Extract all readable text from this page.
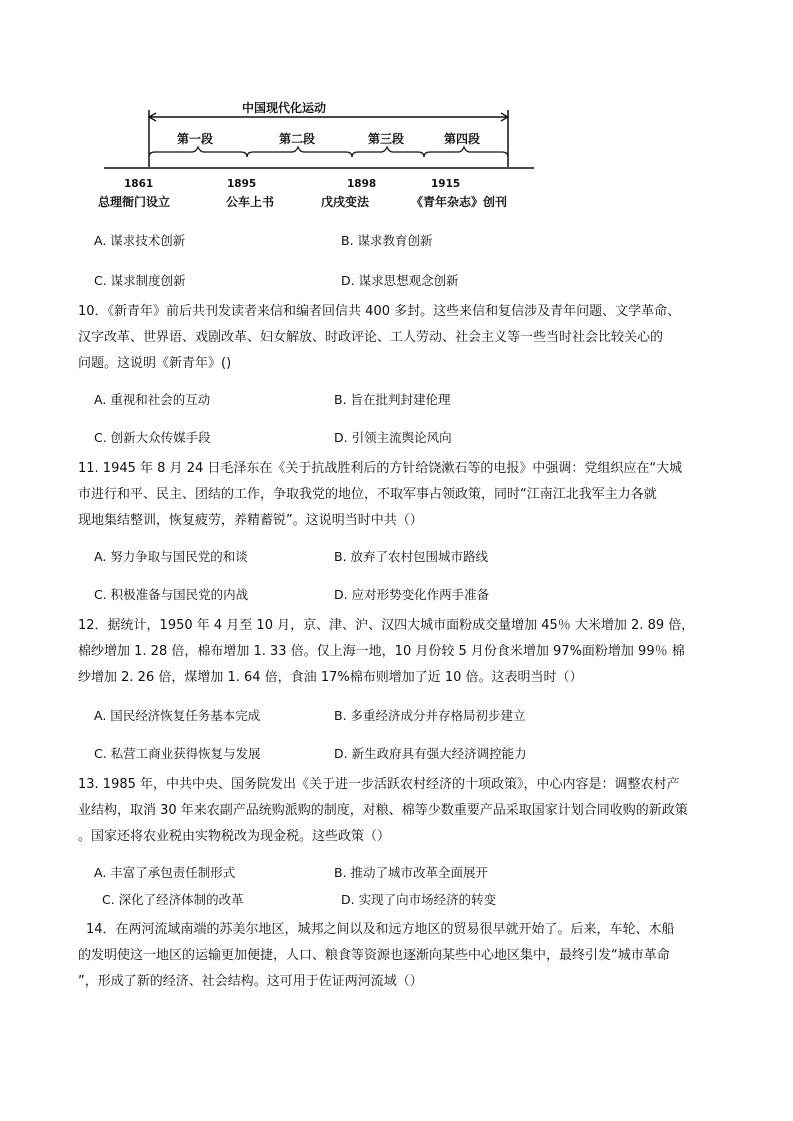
中国现代化运动
第一段	第二段	第三段	第四段
1861	1895	1898	1915
总理衙门设立	公车上书	戊戌变法	《青年杂志》创刊
A. 谋求技术创新	B. 谋求教育创新
C. 谋求制度创新	D. 谋求思想观念创新
10．《新青年》前后共刊发读者来信和编者回信共 400 多封。这些来信和复信涉及青年问题、文学革命、
汉字改革、世界语、戏剧改革、妇女解放、时政评论、工人劳动、社会主义等一些当时社会比较关心的
问题。这说明《新青年》()
A. 重视和社会的互动	B. 旨在批判封建伦理
C. 创新大众传媒手段	D. 引领主流舆论风向
11. 1945 年 8 月 24 日毛泽东在《关于抗战胜利后的方针给饶漱石等的电报》中强调：党组织应在“大城
市进行和平、民主、团结的工作，争取我党的地位，不取军事占领政策，同时“江南江北我军主力各就
现地集结整训，恢复疲劳，养精蓄锐”。这说明当时中共（）
A. 努力争取与国民党的和谈	B. 放弃了农村包围城市路线
C. 积极准备与国民党的内战	D. 应对形势变化作两手准备
12．据统计，1950 年 4 月至 10 月，京、津、沪、汉四大城市面粉成交量增加 45％ 大米增加 2. 89 倍，
棉纱增加 1. 28 倍，棉布增加 1. 33 倍。仅上海一地，10 月份较 5 月份食米增加 97%面粉增加 99％ 棉
纱增加 2. 26 倍，煤增加 1. 64 倍，食油 17%棉布则增加了近 10 倍。这表明当时（）
A. 国民经济恢复任务基本完成	B. 多重经济成分并存格局初步建立
C. 私营工商业获得恢复与发展	D. 新生政府具有强大经济调控能力
13. 1985 年，中共中央、国务院发出《关于进一步活跃农村经济的十项政策》，中心内容是：调整农村产
业结构，取消 30 年来农副产品统购派购的制度，对粮、棉等少数重要产品采取国家计划合同收购的新政策
。国家还将农业税由实物税改为现金税。这些政策（）
A. 丰富了承包责任制形式	B. 推动了城市改革全面展开
C. 深化了经济体制的改革	D. 实现了向市场经济的转变
14．在两河流域南端的苏美尔地区，城邦之间以及和远方地区的贸易很早就开始了。后来，车轮、木船
的发明使这一地区的运输更加便捷，人口、粮食等资源也逐渐向某些中心地区集中，最终引发“城市革命
”，形成了新的经济、社会结构。这可用于佐证两河流域（）
